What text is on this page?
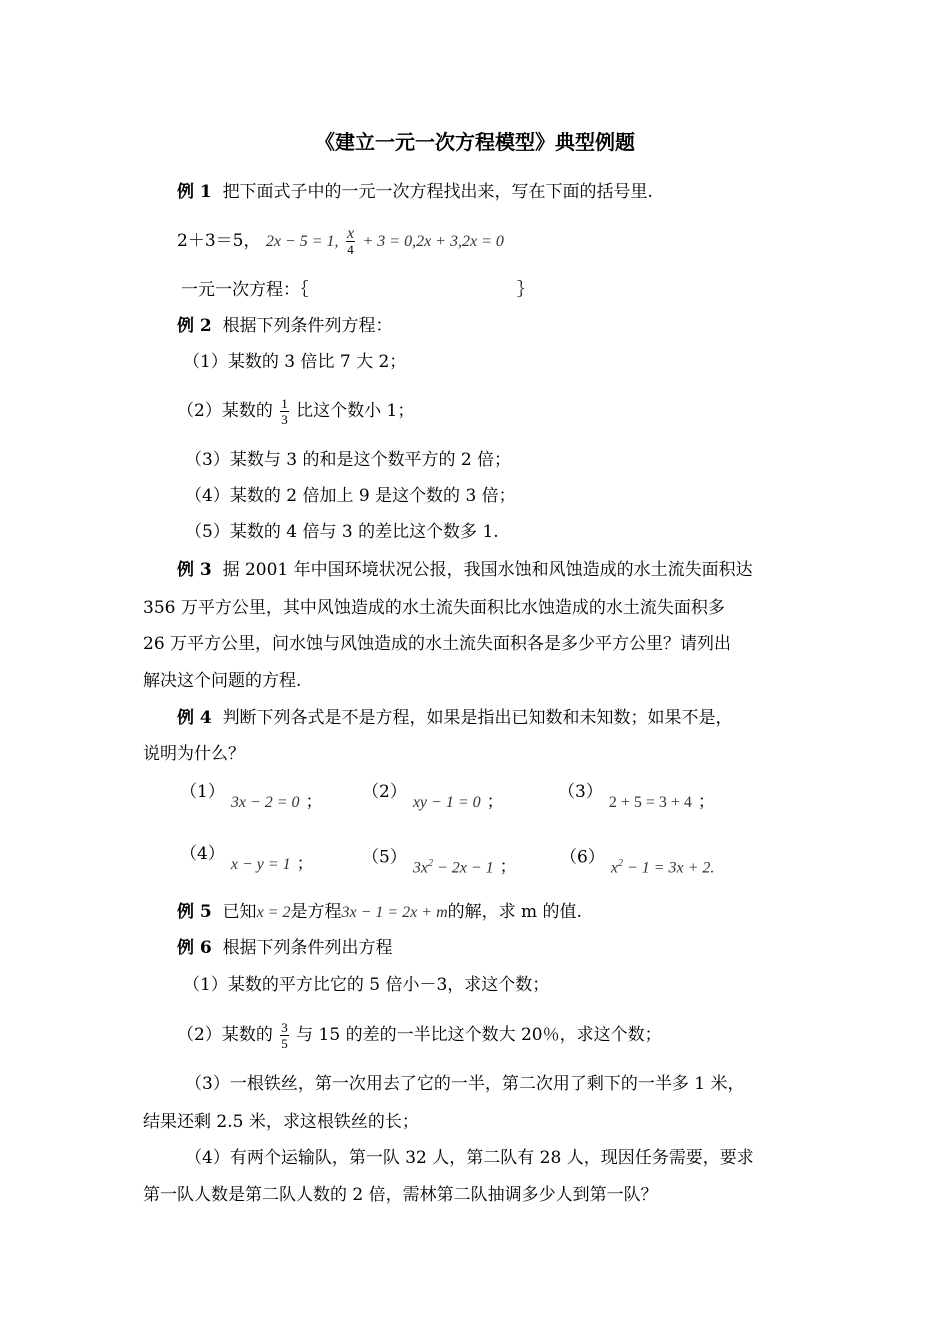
《建立一元一次方程模型》典型例题
例 1 把下面式子中的一元一次方程找出来，写在下面的括号里.
2＋3＝5， 2x − 5 = 1, $\frac{x}{4} + 3 = 0,2x + 3,2x = 0$
一元一次方程：｛	｝
例 2 根据下列条件列方程：
（1）某数的 3 倍比 7 大 2；
（2）某数的 $\frac{1}{3}$ 比这个数小 1；
（3）某数与 3 的和是这个数平方的 2 倍；
（4）某数的 2 倍加上 9 是这个数的 3 倍；
（5）某数的 4 倍与 3 的差比这个数多 1.
例 3 据 2001 年中国环境状况公报，我国水蚀和风蚀造成的水土流失面积达
356 万平方公里，其中风蚀造成的水土流失面积比水蚀造成的水土流失面积多
26 万平方公里，问水蚀与风蚀造成的水土流失面积各是多少平方公里？请列出
解决这个问题的方程.
例 4 判断下列各式是不是方程，如果是指出已知数和未知数；如果不是，
说明为什么？
（1）3x − 2 = 0 ； （2）xy − 1 = 0 ；	（3）2 + 5 = 3 + 4 ；
（4）x − y = 1 ；	$(5)3x^2 - 2x - 1$ ；	$(6)x^2 - 1 = 3x + 2$.
例 5 已知x = 2是方程3x − 1 = 2x + m的解，求 m 的值.
例 6 根据下列条件列出方程
（1）某数的平方比它的 5 倍小－3，求这个数；
（2）某数的 $\frac{3}{5}$ 与 15 的差的一半比这个数大 20％，求这个数；
（3）一根铁丝，第一次用去了它的一半，第二次用了剩下的一半多 1 米，
结果还剩 2.5 米，求这根铁丝的长；
（4）有两个运输队，第一队 32 人，第二队有 28 人，现因任务需要，要求
第一队人数是第二队人数的 2 倍，需林第二队抽调多少人到第一队？
